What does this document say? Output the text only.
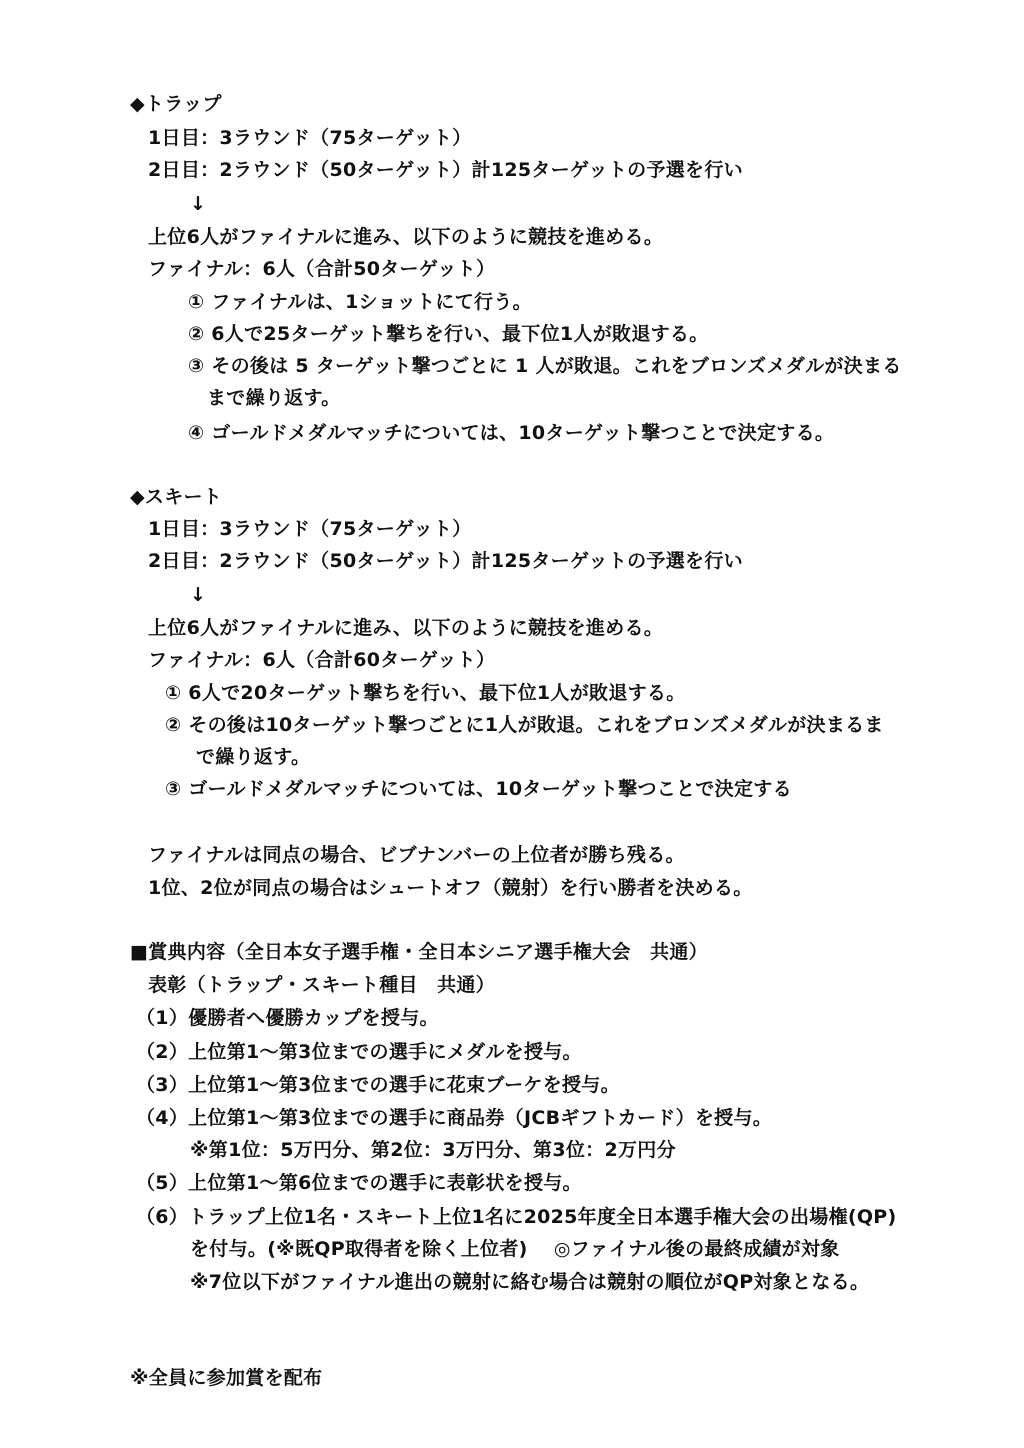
◆トラップ
1日目：3ラウンド（75ターゲット）
2日目：2ラウンド（50ターゲット）計125ターゲットの予選を行い
↓
上位6人がファイナルに進み、以下のように競技を進める。
ファイナル：6人（合計50ターゲット）
① ファイナルは、1ショットにて行う。
② 6人で25ターゲット撃ちを行い、最下位1人が敗退する。
③ その後は 5 ターゲット撃つごとに 1 人が敗退。これをブロンズメダルが決まる
まで繰り返す。
④ ゴールドメダルマッチについては、10ターゲット撃つことで決定する。
◆スキート
1日目：3ラウンド（75ターゲット）
2日目：2ラウンド（50ターゲット）計125ターゲットの予選を行い
↓
上位6人がファイナルに進み、以下のように競技を進める。
ファイナル：6人（合計60ターゲット）
① 6人で20ターゲット撃ちを行い、最下位1人が敗退する。
② その後は10ターゲット撃つごとに1人が敗退。これをブロンズメダルが決まるま
で繰り返す。
③ ゴールドメダルマッチについては、10ターゲット撃つことで決定する
ファイナルは同点の場合、ビブナンバーの上位者が勝ち残る。
1位、2位が同点の場合はシュートオフ（競射）を行い勝者を決める。
■賞典内容（全日本女子選手権・全日本シニア選手権大会　共通）
表彰（トラップ・スキート種目　共通）
（1）優勝者へ優勝カップを授与。
（2）上位第1～第3位までの選手にメダルを授与。
（3）上位第1～第3位までの選手に花束ブーケを授与。
（4）上位第1～第3位までの選手に商品券（JCBギフトカード）を授与。
※第1位：5万円分、第2位：3万円分、第3位：2万円分
（5）上位第1～第6位までの選手に表彰状を授与。
（6）トラップ上位1名・スキート上位1名に2025年度全日本選手権大会の出場権(QP)
を付与。(※既QP取得者を除く上位者)　 ◎ファイナル後の最終成績が対象
※7位以下がファイナル進出の競射に絡む場合は競射の順位がQP対象となる。
※全員に参加賞を配布
